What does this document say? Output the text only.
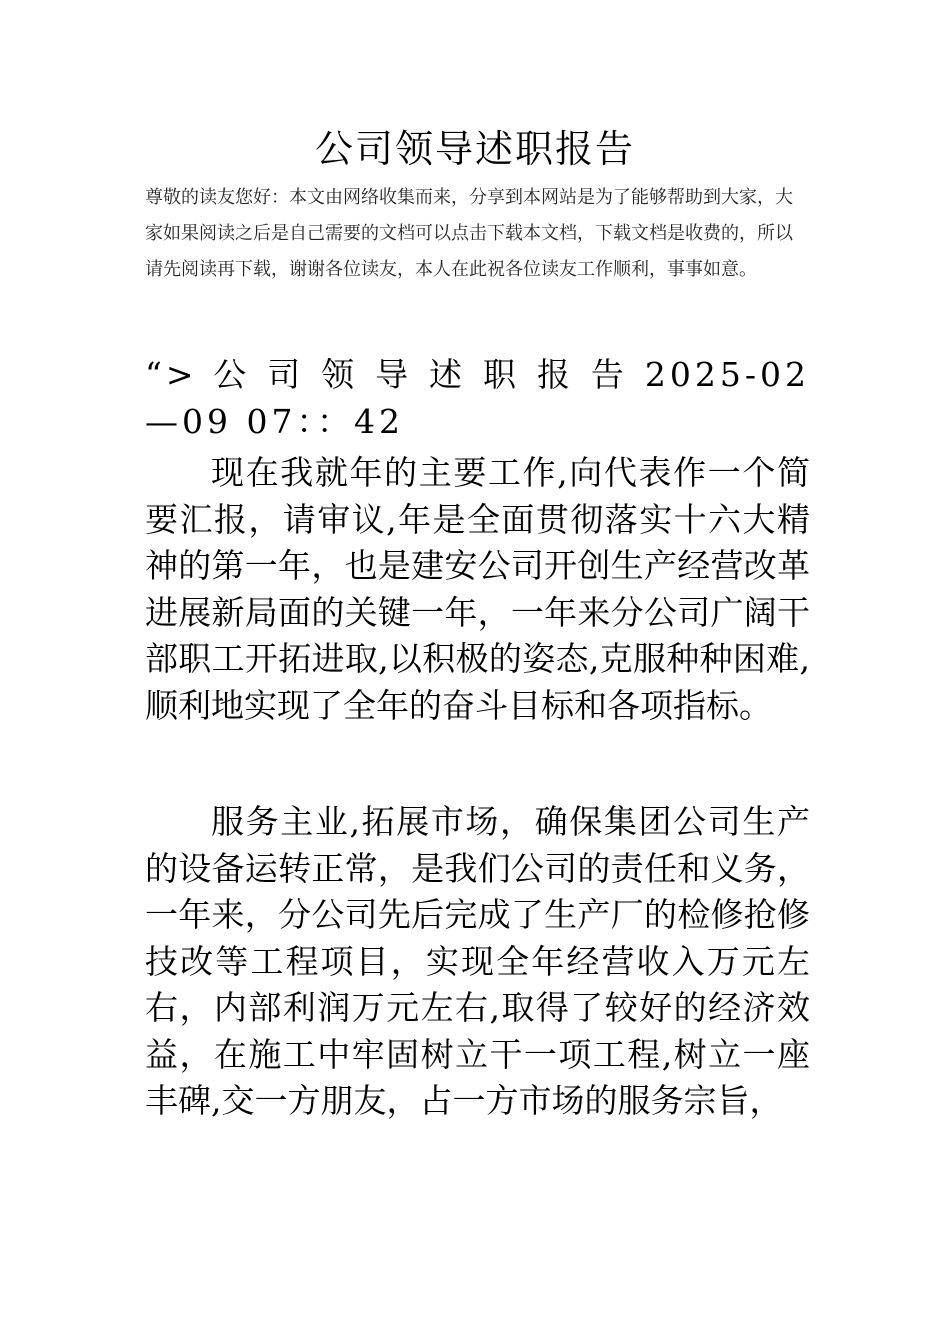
公司领导述职报告

尊敬的读友您好：本文由网络收集而来，分享到本网站是为了能够帮助到大家，大家如果阅读之后是自己需要的文档可以点击下载本文档，下载文档是收费的，所以请先阅读再下载，谢谢各位读友，本人在此祝各位读友工作顺利，事事如意。

“> 公 司 领 导 述 职 报 告 2025-02—09 07：：42

现在我就年的主要工作,向代表作一个简要汇报，请审议,年是全面贯彻落实十六大精神的第一年，也是建安公司开创生产经营改革进展新局面的关键一年，一年来分公司广阔干部职工开拓进取,以积极的姿态,克服种种困难,顺利地实现了全年的奋斗目标和各项指标。

服务主业,拓展市场，确保集团公司生产的设备运转正常，是我们公司的责任和义务，一年来，分公司先后完成了生产厂的检修抢修技改等工程项目，实现全年经营收入万元左右，内部利润万元左右,取得了较好的经济效益，在施工中牢固树立干一项工程,树立一座丰碑,交一方朋友，占一方市场的服务宗旨，
